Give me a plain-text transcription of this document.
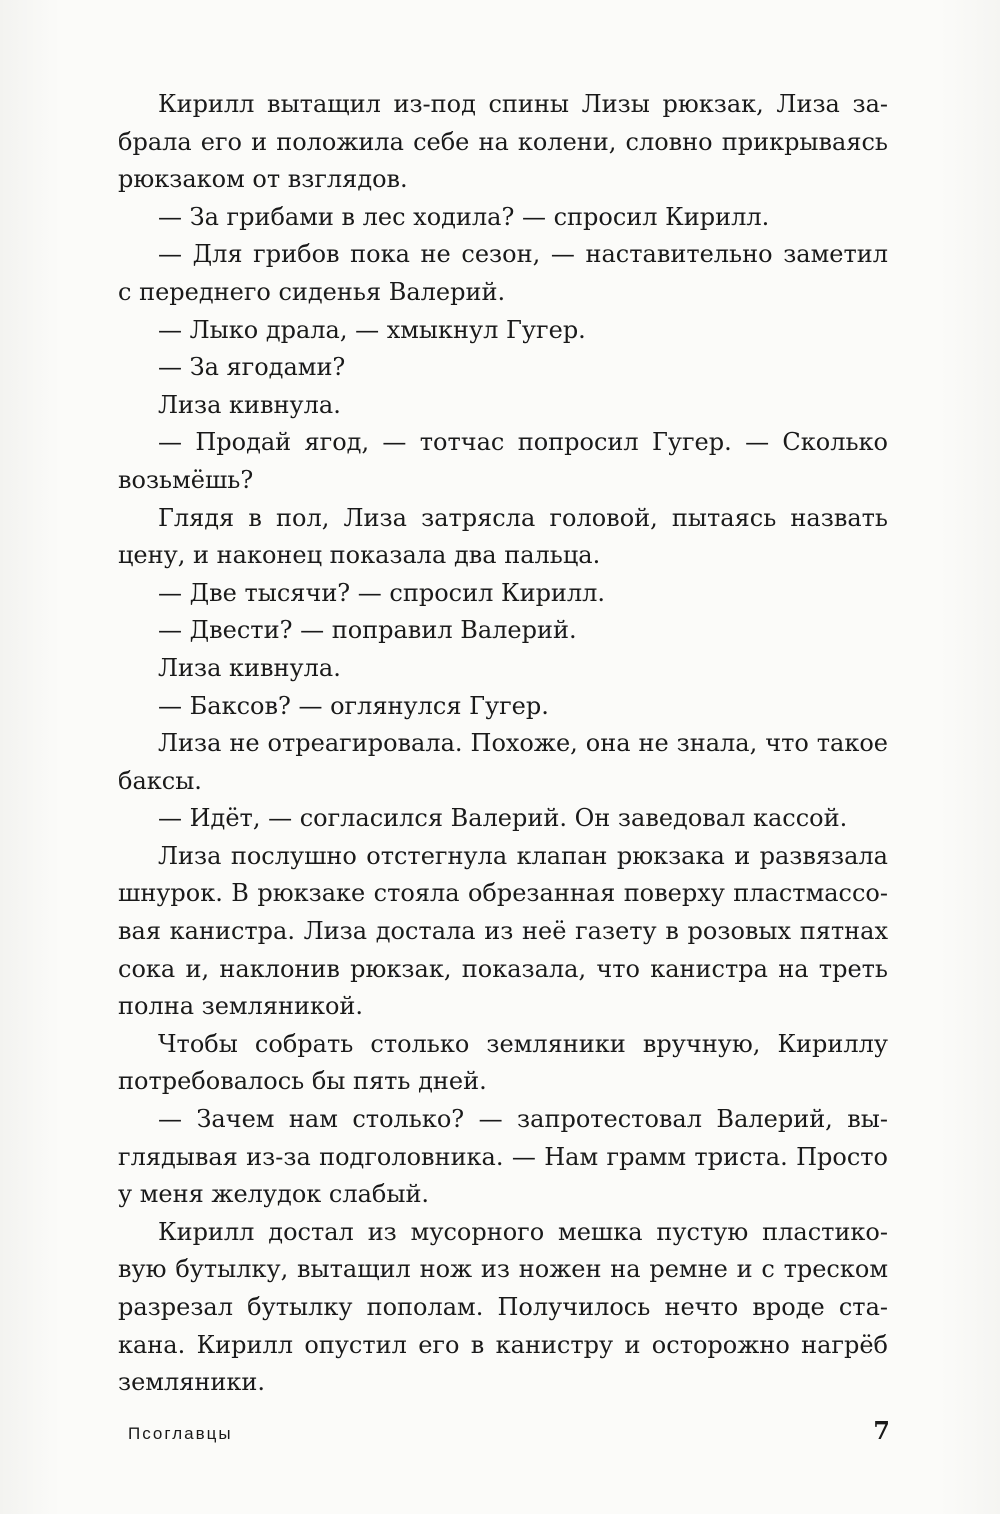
Кирилл вытащил из-под спины Лизы рюкзак, Лиза за-
брала его и положила себе на колени, словно прикрываясь
рюкзаком от взглядов.
— За грибами в лес ходила? — спросил Кирилл.
— Для грибов пока не сезон, — наставительно заметил
с переднего сиденья Валерий.
— Лыко драла, — хмыкнул Гугер.
— За ягодами?
Лиза кивнула.
— Продай ягод, — тотчас попросил Гугер. — Сколько
возьмёшь?
Глядя в пол, Лиза затрясла головой, пытаясь назвать
цену, и наконец показала два пальца.
— Две тысячи? — спросил Кирилл.
— Двести? — поправил Валерий.
Лиза кивнула.
— Баксов? — оглянулся Гугер.
Лиза не отреагировала. Похоже, она не знала, что такое
баксы.
— Идёт, — согласился Валерий. Он заведовал кассой.
Лиза послушно отстегнула клапан рюкзака и развязала
шнурок. В рюкзаке стояла обрезанная поверху пластмассо-
вая канистра. Лиза достала из неё газету в розовых пятнах
сока и, наклонив рюкзак, показала, что канистра на треть
полна земляникой.
Чтобы собрать столько земляники вручную, Кириллу
потребовалось бы пять дней.
— Зачем нам столько? — запротестовал Валерий, вы-
глядывая из-за подголовника. — Нам грамм триста. Просто
у меня желудок слабый.
Кирилл достал из мусорного мешка пустую пластико-
вую бутылку, вытащил нож из ножен на ремне и с треском
разрезал бутылку пополам. Получилось нечто вроде ста-
кана. Кирилл опустил его в канистру и осторожно нагрёб
земляники.
Псоглавцы	7
